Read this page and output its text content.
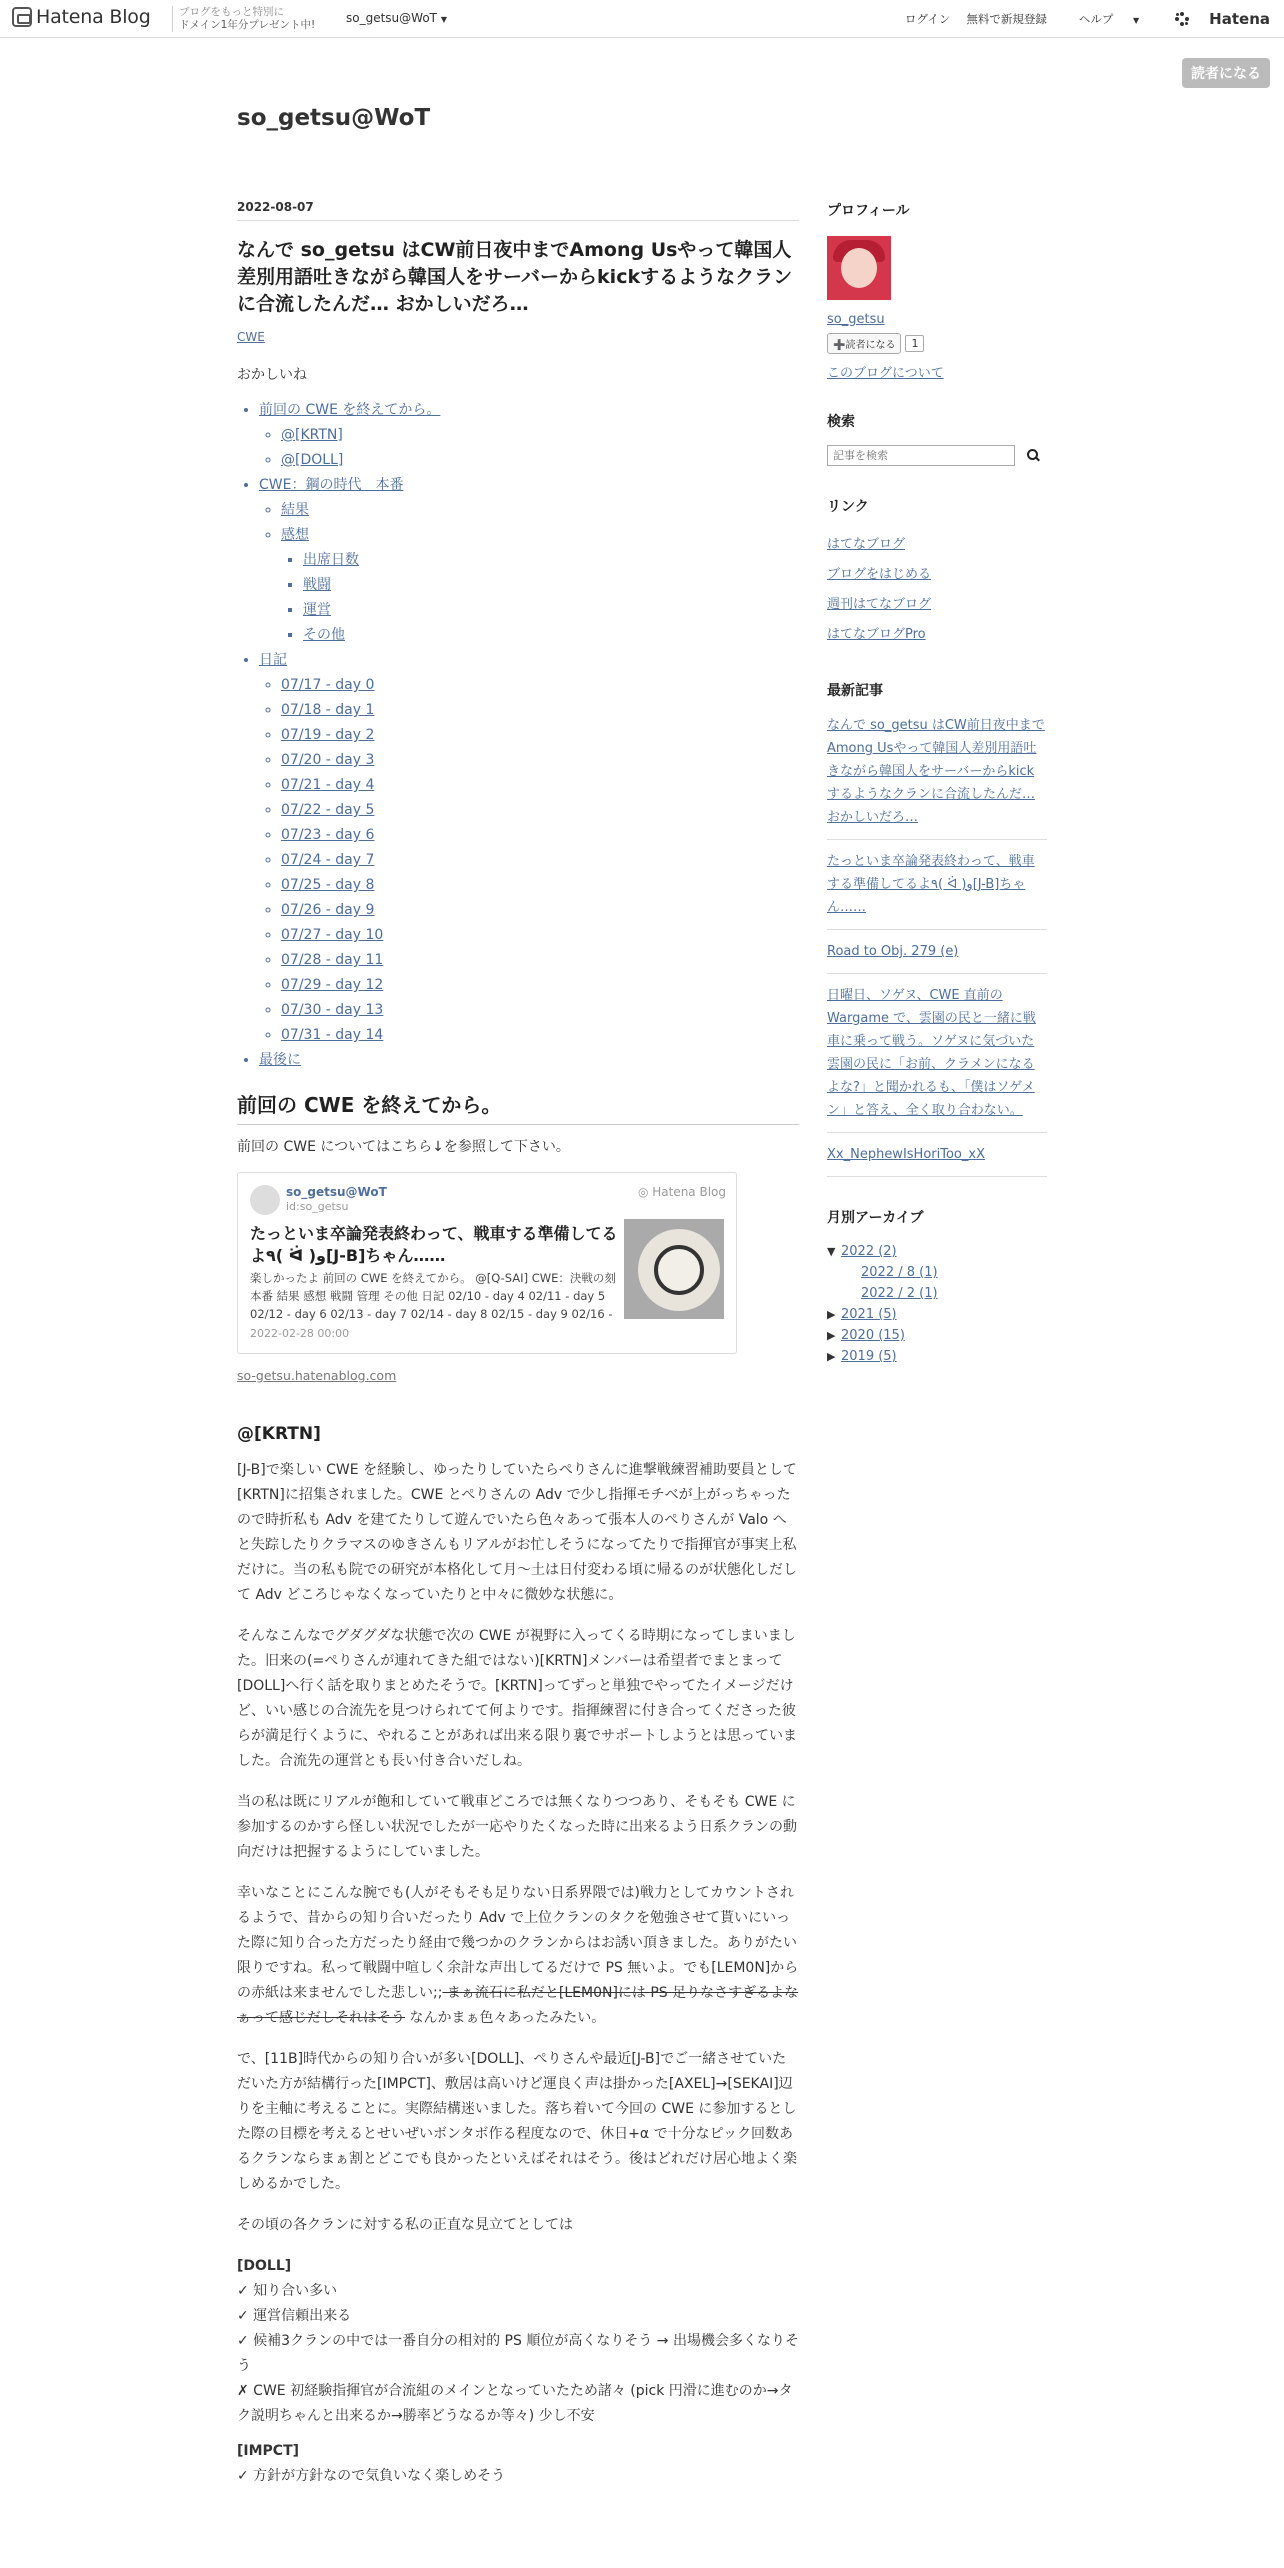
Hatena Blog	ブログをもっと特別に
ドメイン1年分プレゼント中!	so_getsu@WoT ▼	ログイン 無料で新規登録	ヘルプ ▼	Hatena
読者になる
so_getsu@WoT
2022-08-07
なんで so_getsu はCW前日夜中までAmong Usやって韓国人差別用語吐きながら韓国人をサーバーからkickするようなクランに合流したんだ… おかしいだろ…
CWE
おかしいね
• 前回の CWE を終えてから。
◦ @[KRTN]
◦ @[DOLL]
• CWE：鋼の時代　本番
◦ 結果
◦ 感想
▪ 出席日数
▪ 戦闘
▪ 運営
▪ その他
• 日記
◦ 07/17 - day 0
◦ 07/18 - day 1
◦ 07/19 - day 2
◦ 07/20 - day 3
◦ 07/21 - day 4
◦ 07/22 - day 5
◦ 07/23 - day 6
◦ 07/24 - day 7
◦ 07/25 - day 8
◦ 07/26 - day 9
◦ 07/27 - day 10
◦ 07/28 - day 11
◦ 07/29 - day 12
◦ 07/30 - day 13
◦ 07/31 - day 14
• 最後に
前回の CWE を終えてから。
前回の CWE についてはこちら↓を参照して下さい。
so_getsu@WoT
id:so_getsu
◎ Hatena Blog
たっといま卒論発表終わって、戦車する準備してるよ٩( ᐛ )و[J-B]ちゃん……
楽しかったよ 前回の CWE を終えてから。 @[Q-SAI] CWE：決戦の刻 本番 結果 感想 戦闘 管理 その他 日記 02/10 - day 4 02/11 - day 5 02/12 - day 6 02/13 - day 7 02/14 - day 8 02/15 - day 9 02/16 -
2022-02-28 00:00
so-getsu.hatenablog.com
@[KRTN]
[J-B]で楽しい CWE を経験し、ゆったりしていたらぺりさんに進撃戦練習補助要員として[KRTN]に招集されました。CWE とぺりさんの Adv で少し指揮モチベが上がっちゃったので時折私も Adv を建てたりして遊んでいたら色々あって張本人のぺりさんが Valo へと失踪したりクラマスのゆきさんもリアルがお忙しそうになってたりで指揮官が事実上私だけに。当の私も院での研究が本格化して月～土は日付変わる頃に帰るのが状態化しだして Adv どころじゃなくなっていたりと中々に微妙な状態に。
そんなこんなでグダグダな状態で次の CWE が視野に入ってくる時期になってしまいました。旧来の(=ぺりさんが連れてきた組ではない)[KRTN]メンバーは希望者でまとまって[DOLL]へ行く話を取りまとめたそうで。[KRTN]ってずっと単独でやってたイメージだけど、いい感じの合流先を見つけられてて何よりです。指揮練習に付き合ってくださった彼らが満足行くように、やれることがあれば出来る限り裏でサポートしようとは思っていました。合流先の運営とも長い付き合いだしね。
当の私は既にリアルが飽和していて戦車どころでは無くなりつつあり、そもそも CWE に参加するのかすら怪しい状況でしたが一応やりたくなった時に出来るよう日系クランの動向だけは把握するようにしていました。
幸いなことにこんな腕でも(人がそもそも足りない日系界隈では)戦力としてカウントされるようで、昔からの知り合いだったり Adv で上位クランのタクを勉強させて貰いにいった際に知り合った方だったり経由で幾つかのクランからはお誘い頂きました。ありがたい限りですね。私って戦闘中喧しく余計な声出してるだけで PS 無いよ。でも[LEM0N]からの赤紙は来ませんでした悲しい;; まぁ流石に私だと[LEM0N]には PS 足りなさすぎるよなぁって感じだしそれはそう なんかまぁ色々あったみたい。
で、[11B]時代からの知り合いが多い[DOLL]、ぺりさんや最近[J-B]でご一緒させていただいた方が結構行った[IMPCT]、敷居は高いけど運良く声は掛かった[AXEL]→[SEKAI]辺りを主軸に考えることに。実際結構迷いました。落ち着いて今回の CWE に参加するとした際の目標を考えるとせいぜいボンタボ作る程度なので、休日+α で十分なピック回数あるクランならまぁ割とどこでも良かったといえばそれはそう。後はどれだけ居心地よく楽しめるかでした。
その頃の各クランに対する私の正直な見立てとしては
[DOLL]
✓ 知り合い多い
✓ 運営信頼出来る
✓ 候補3クランの中では一番自分の相対的 PS 順位が高くなりそう → 出場機会多くなりそう
✗ CWE 初経験指揮官が合流組のメインとなっていたため諸々 (pick 円滑に進むのか→タク説明ちゃんと出来るか→勝率どうなるか等々) 少し不安
[IMPCT]
✓ 方針が方針なので気負いなく楽しめそう
プロフィール
so_getsu
➕読者になる	1
このブログについて
検索
記事を検索
リンク
はてなブログ
ブログをはじめる
週刊はてなブログ
はてなブログPro
最新記事
なんで so_getsu はCW前日夜中までAmong Usやって韓国人差別用語吐きながら韓国人をサーバーからkickするようなクランに合流したんだ… おかしいだろ…
たっといま卒論発表終わって、戦車する準備してるよ٩( ᐛ )و[J-B]ちゃん……
Road to Obj. 279 (e)
日曜日、ソゲヌ、CWE 直前の Wargame で、雲園の民と一緒に戦車に乗って戦う。ソゲヌに気づいた雲園の民に「お前、クラメンになるよな?」と聞かれるも、「僕はソゲメン」と答え、全く取り合わない。
Xx_NephewIsHoriToo_xX
月別アーカイブ
▼ 2022 (2)
2022 / 8 (1)
2022 / 2 (1)
▶ 2021 (5)
▶ 2020 (15)
▶ 2019 (5)
